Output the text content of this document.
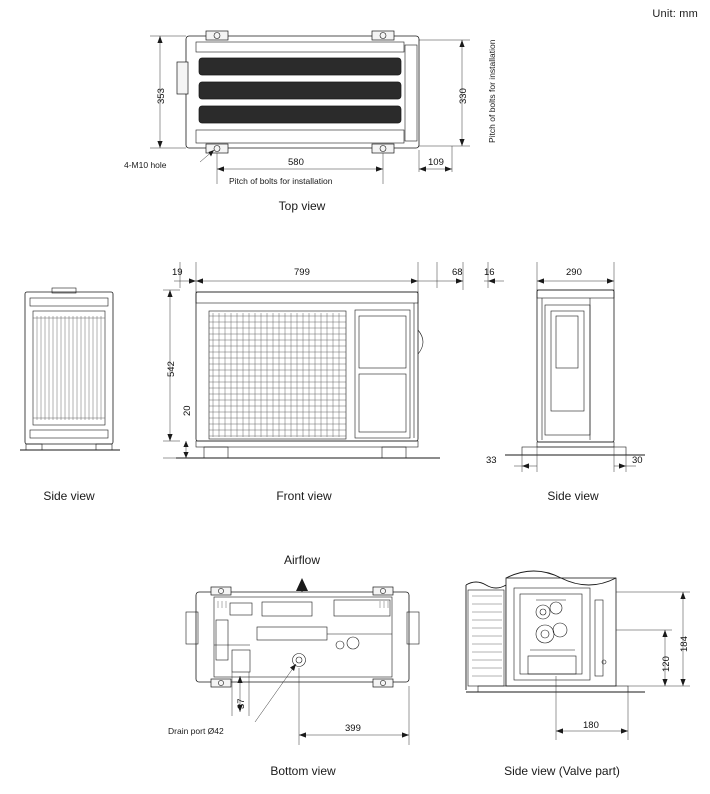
Unit: mm
353	330 Pitch of bolts for installation
580	109
4-M10 hole
Pitch of bolts for installation
Top view
Side view
19	799	68
542
20
Front view
16	290
33	30
Side view
Airflow
37
Drain port Ø42	399
Bottom view
184
120
180
Side view (Valve part)
